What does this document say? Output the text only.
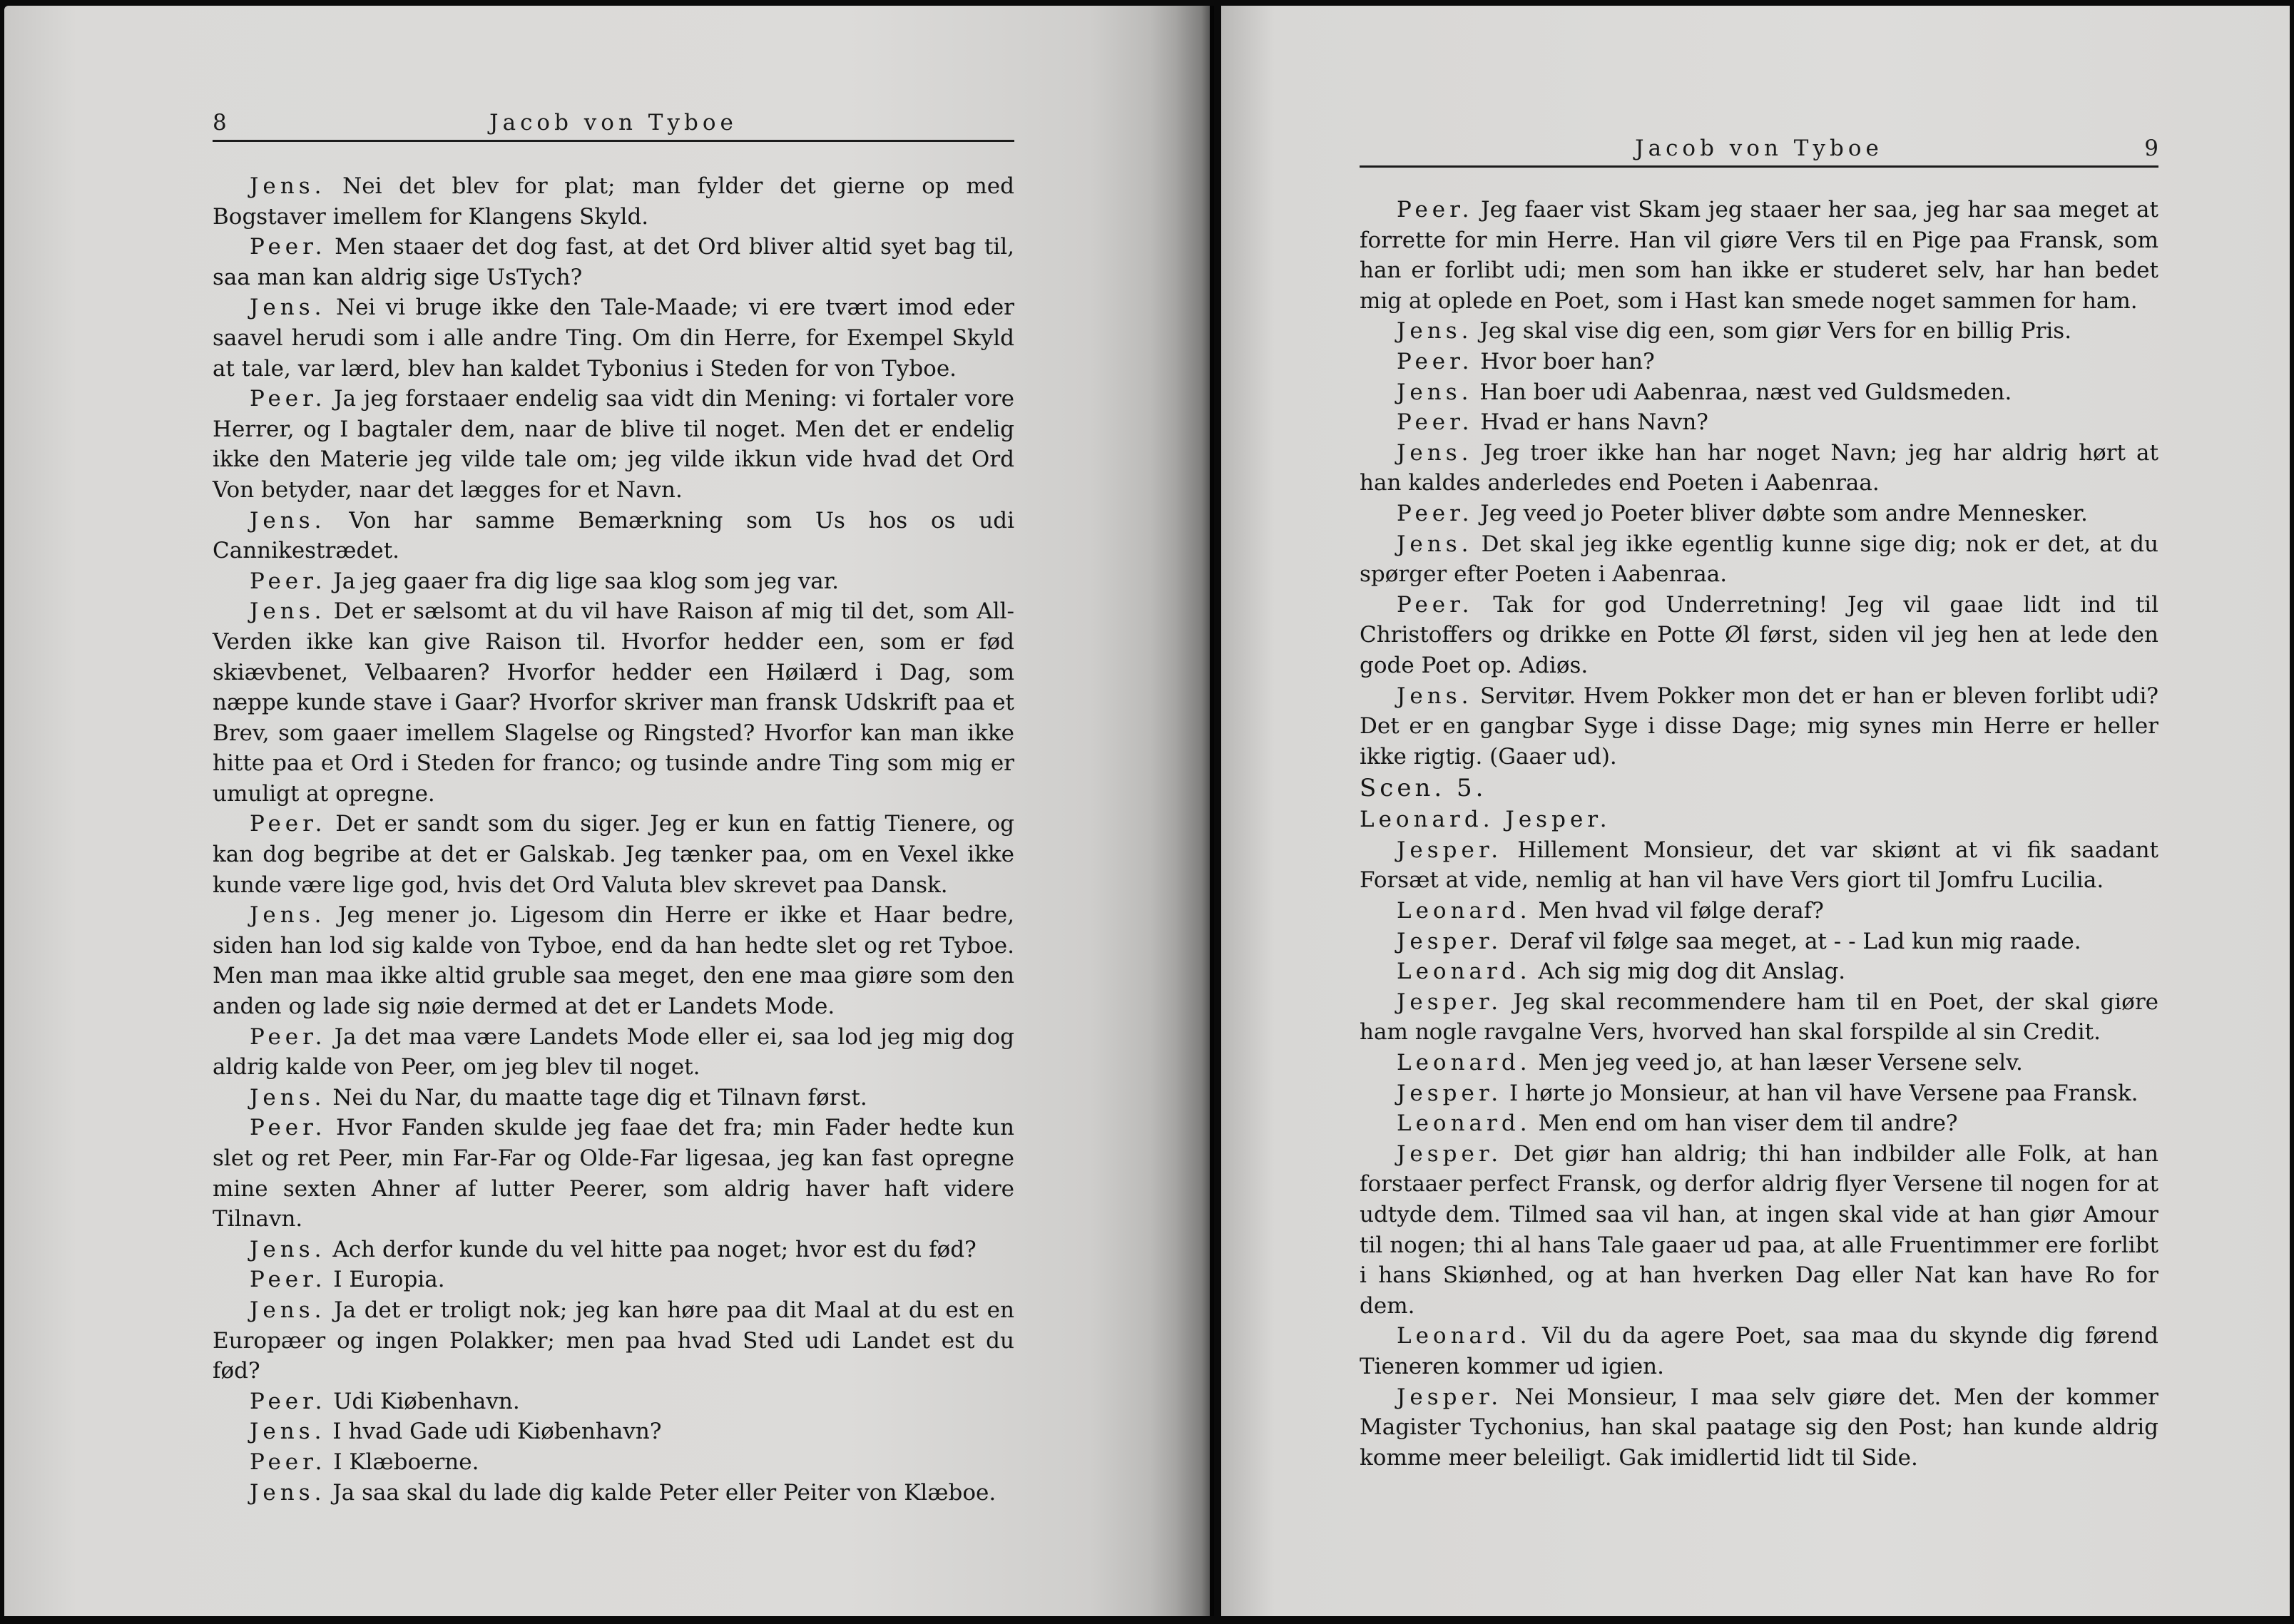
8	Jacob von Tyboe

Jens. Nei det blev for plat; man fylder det gierne op med Bogstaver imellem for Klangens Skyld.

Peer. Men staaer det dog fast, at det Ord bliver altid syet bag til, saa man kan aldrig sige UsTych?

Jens. Nei vi bruge ikke den Tale-Maade; vi ere tvært imod eder saavel herudi som i alle andre Ting. Om din Herre, for Exempel Skyld at tale, var lærd, blev han kaldet Tybonius i Steden for von Tyboe.

Peer. Ja jeg forstaaer endelig saa vidt din Mening: vi fortaler vore Herrer, og I bagtaler dem, naar de blive til noget. Men det er endelig ikke den Materie jeg vilde tale om; jeg vilde ikkun vide hvad det Ord Von betyder, naar det lægges for et Navn.

Jens. Von har samme Bemærkning som Us hos os udi Cannikestrædet.

Peer. Ja jeg gaaer fra dig lige saa klog som jeg var.

Jens. Det er sælsomt at du vil have Raison af mig til det, som All-Verden ikke kan give Raison til. Hvorfor hedder een, som er fød skiævbenet, Velbaaren? Hvorfor hedder een Høilærd i Dag, som næppe kunde stave i Gaar? Hvorfor skriver man fransk Udskrift paa et Brev, som gaaer imellem Slagelse og Ringsted? Hvorfor kan man ikke hitte paa et Ord i Steden for franco; og tusinde andre Ting som mig er umuligt at opregne.

Peer. Det er sandt som du siger. Jeg er kun en fattig Tienere, og kan dog begribe at det er Galskab. Jeg tænker paa, om en Vexel ikke kunde være lige god, hvis det Ord Valuta blev skrevet paa Dansk.

Jens. Jeg mener jo. Ligesom din Herre er ikke et Haar bedre, siden han lod sig kalde von Tyboe, end da han hedte slet og ret Tyboe. Men man maa ikke altid gruble saa meget, den ene maa giøre som den anden og lade sig nøie dermed at det er Landets Mode.

Peer. Ja det maa være Landets Mode eller ei, saa lod jeg mig dog aldrig kalde von Peer, om jeg blev til noget.

Jens. Nei du Nar, du maatte tage dig et Tilnavn først.

Peer. Hvor Fanden skulde jeg faae det fra; min Fader hedte kun slet og ret Peer, min Far-Far og Olde-Far ligesaa, jeg kan fast opregne mine sexten Ahner af lutter Peerer, som aldrig haver haft videre Tilnavn.

Jens. Ach derfor kunde du vel hitte paa noget; hvor est du fød?

Peer. I Europia.

Jens. Ja det er troligt nok; jeg kan høre paa dit Maal at du est en Europæer og ingen Polakker; men paa hvad Sted udi Landet est du fød?

Peer. Udi Kiøbenhavn.

Jens. I hvad Gade udi Kiøbenhavn?

Peer. I Klæboerne.

Jens. Ja saa skal du lade dig kalde Peter eller Peiter von Klæboe.

Jacob von Tyboe	9

Peer. Jeg faaer vist Skam jeg staaer her saa, jeg har saa meget at forrette for min Herre. Han vil giøre Vers til en Pige paa Fransk, som han er forlibt udi; men som han ikke er studeret selv, har han bedet mig at oplede en Poet, som i Hast kan smede noget sammen for ham.

Jens. Jeg skal vise dig een, som giør Vers for en billig Pris.

Peer. Hvor boer han?

Jens. Han boer udi Aabenraa, næst ved Guldsmeden.

Peer. Hvad er hans Navn?

Jens. Jeg troer ikke han har noget Navn; jeg har aldrig hørt at han kaldes anderledes end Poeten i Aabenraa.

Peer. Jeg veed jo Poeter bliver døbte som andre Mennesker.

Jens. Det skal jeg ikke egentlig kunne sige dig; nok er det, at du spørger efter Poeten i Aabenraa.

Peer. Tak for god Underretning! Jeg vil gaae lidt ind til Christoffers og drikke en Potte Øl først, siden vil jeg hen at lede den gode Poet op. Adiøs.

Jens. Servitør. Hvem Pokker mon det er han er bleven forlibt udi? Det er en gangbar Syge i disse Dage; mig synes min Herre er heller ikke rigtig. (Gaaer ud).

Scen. 5.

Leonard. Jesper.

Jesper. Hillement Monsieur, det var skiønt at vi fik saadant Forsæt at vide, nemlig at han vil have Vers giort til Jomfru Lucilia.

Leonard. Men hvad vil følge deraf?

Jesper. Deraf vil følge saa meget, at - - Lad kun mig raade.

Leonard. Ach sig mig dog dit Anslag.

Jesper. Jeg skal recommendere ham til en Poet, der skal giøre ham nogle ravgalne Vers, hvorved han skal forspilde al sin Credit.

Leonard. Men jeg veed jo, at han læser Versene selv.

Jesper. I hørte jo Monsieur, at han vil have Versene paa Fransk.

Leonard. Men end om han viser dem til andre?

Jesper. Det giør han aldrig; thi han indbilder alle Folk, at han forstaaer perfect Fransk, og derfor aldrig flyer Versene til nogen for at udtyde dem. Tilmed saa vil han, at ingen skal vide at han giør Amour til nogen; thi al hans Tale gaaer ud paa, at alle Fruentimmer ere forlibt i hans Skiønhed, og at han hverken Dag eller Nat kan have Ro for dem.

Leonard. Vil du da agere Poet, saa maa du skynde dig førend Tieneren kommer ud igien.

Jesper. Nei Monsieur, I maa selv giøre det. Men der kommer Magister Tychonius, han skal paatage sig den Post; han kunde aldrig komme meer beleiligt. Gak imidlertid lidt til Side.
